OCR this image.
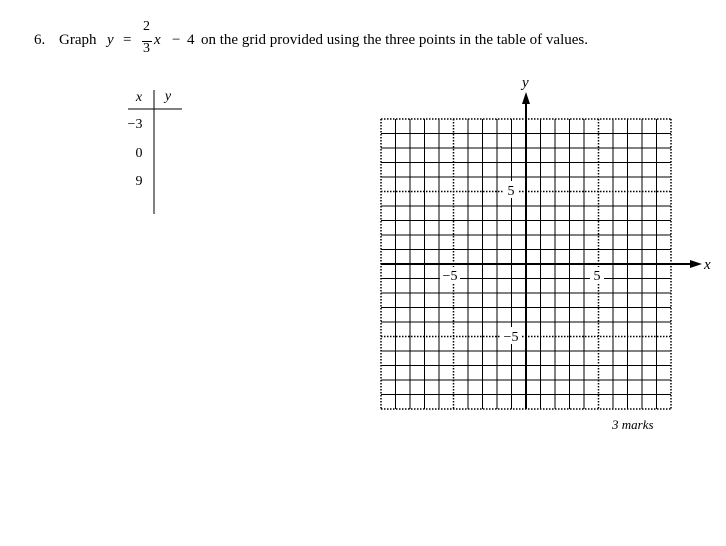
6. Graph y =
2
3
x − 4 on the grid provided using the three points in the table of values.
x	y
−3
0
9
5
−5
−5	5
x
y
3 marks
